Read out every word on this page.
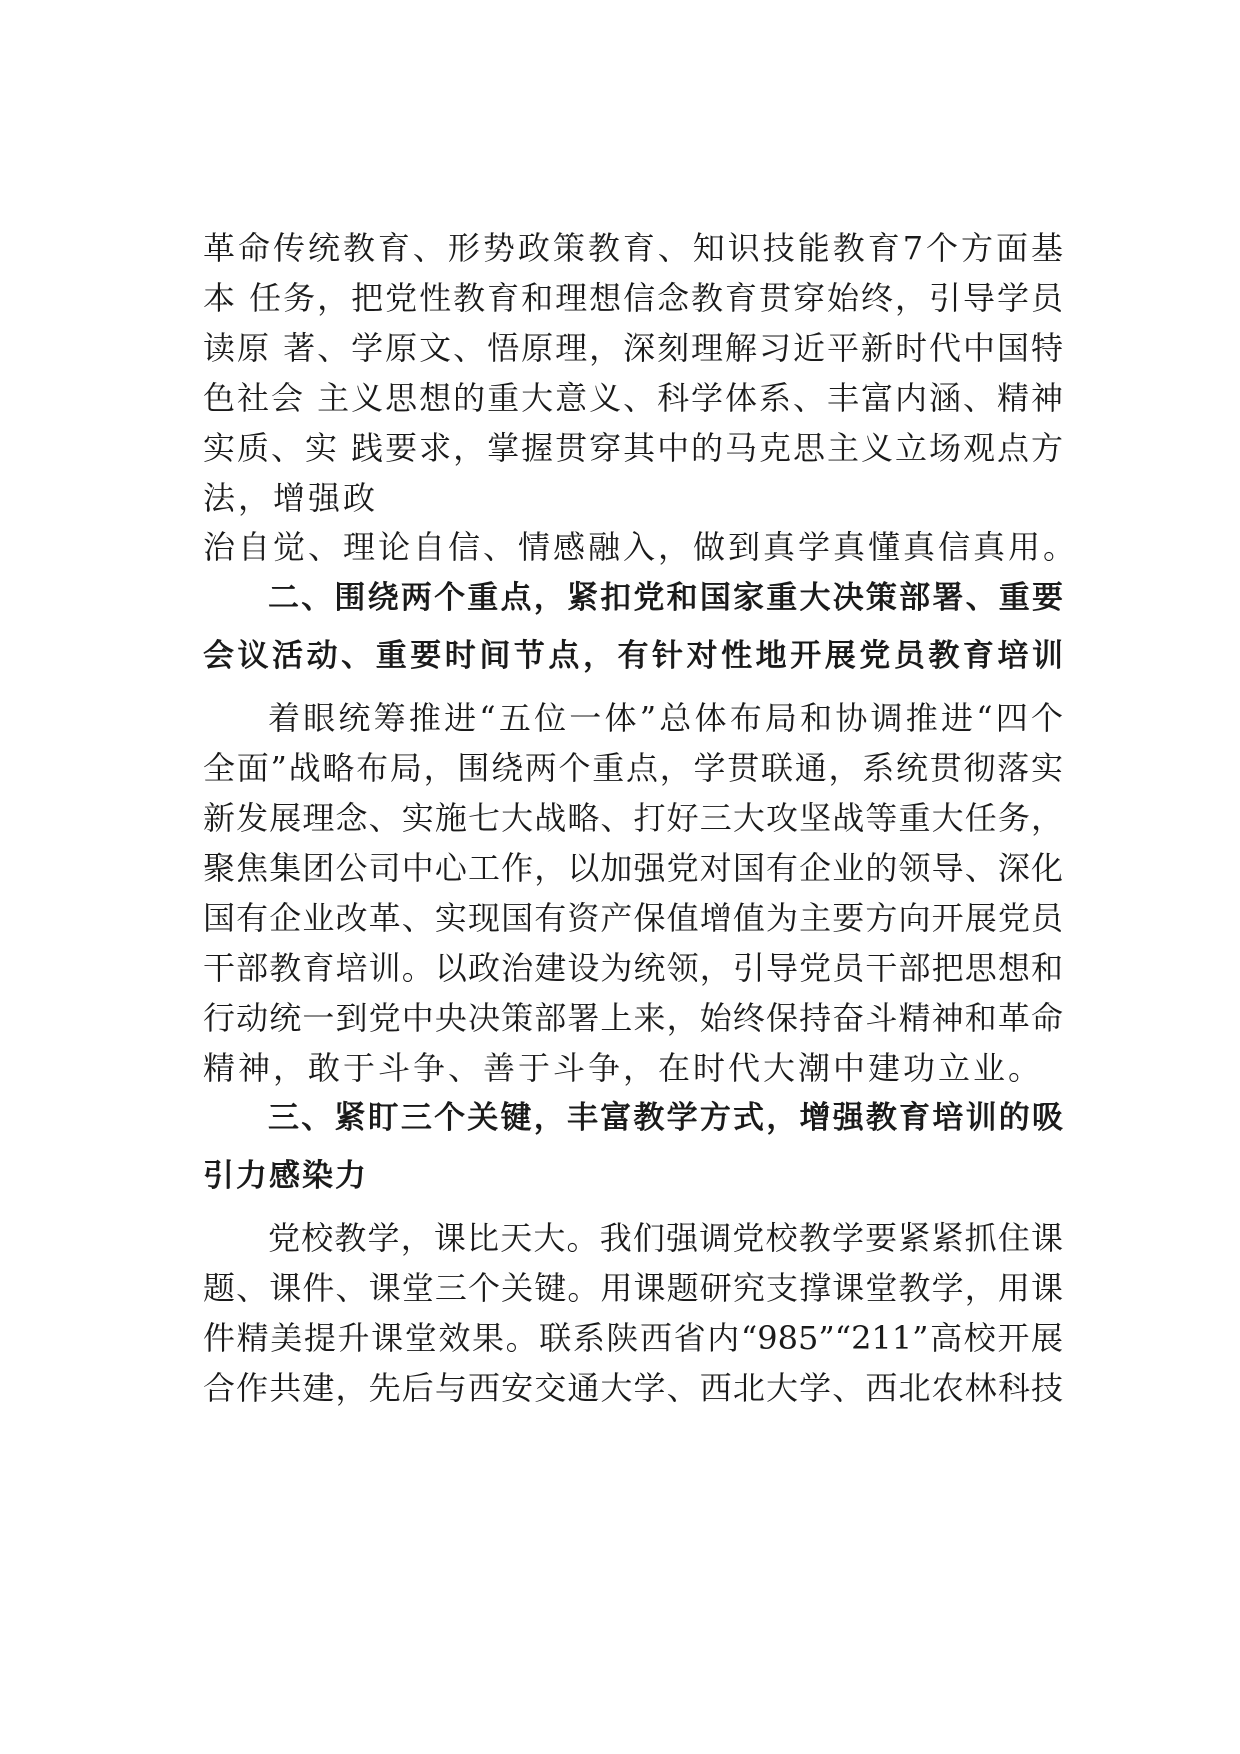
革命传统教育、形势政策教育、知识技能教育7个方面基
本 任务，把党性教育和理想信念教育贯穿始终，引导学员
读原 著、学原文、悟原理，深刻理解习近平新时代中国特
色社会 主义思想的重大意义、科学体系、丰富内涵、精神
实质、实 践要求，掌握贯穿其中的马克思主义立场观点方
法，增强政
治自觉、理论自信、情感融入，做到真学真懂真信真用。
二、围绕两个重点，紧扣党和国家重大决策部署、重要
会议活动、重要时间节点，有针对性地开展党员教育培训
着眼统筹推进“五位一体”总体布局和协调推进“四个
全面”战略布局，围绕两个重点，学贯联通，系统贯彻落实
新发展理念、实施七大战略、打好三大攻坚战等重大任务，
聚焦集团公司中心工作，以加强党对国有企业的领导、深化
国有企业改革、实现国有资产保值增值为主要方向开展党员
干部教育培训。以政治建设为统领，引导党员干部把思想和
行动统一到党中央决策部署上来，始终保持奋斗精神和革命
精神，敢于斗争、善于斗争，在时代大潮中建功立业。
三、紧盯三个关键，丰富教学方式，增强教育培训的吸
引力感染力
党校教学，课比天大。我们强调党校教学要紧紧抓住课
题、课件、课堂三个关键。用课题研究支撑课堂教学，用课
件精美提升课堂效果。联系陕西省内“985”“211”高校开展
合作共建，先后与西安交通大学、西北大学、西北农林科技
